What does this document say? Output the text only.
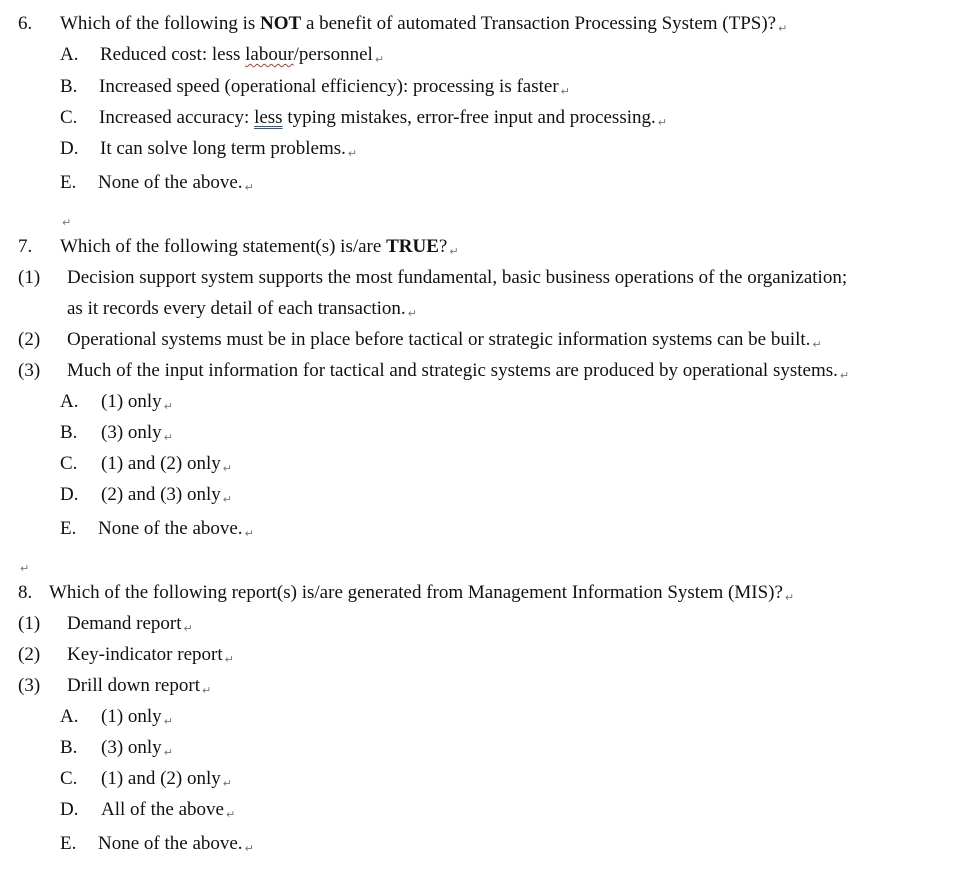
6. Which of the following is NOT a benefit of automated Transaction Processing System (TPS)? ↵
A. Reduced cost: less labour/personnel ↵
B. Increased speed (operational efficiency): processing is faster ↵
C. Increased accuracy: less typing mistakes, error-free input and processing. ↵
D. It can solve long term problems. ↵
E. None of the above. ↵
↵
7. Which of the following statement(s) is/are TRUE? ↵
(1) Decision support system supports the most fundamental, basic business operations of the organization;
as it records every detail of each transaction. ↵
(2) Operational systems must be in place before tactical or strategic information systems can be built. ↵
(3) Much of the input information for tactical and strategic systems are produced by operational systems. ↵
A. (1) only ↵
B. (3) only ↵
C. (1) and (2) only ↵
D. (2) and (3) only ↵
E. None of the above. ↵
↵
8. Which of the following report(s) is/are generated from Management Information System (MIS)? ↵
(1) Demand report ↵
(2) Key-indicator report ↵
(3) Drill down report ↵
A. (1) only ↵
B. (3) only ↵
C. (1) and (2) only ↵
D. All of the above ↵
E. None of the above. ↵
